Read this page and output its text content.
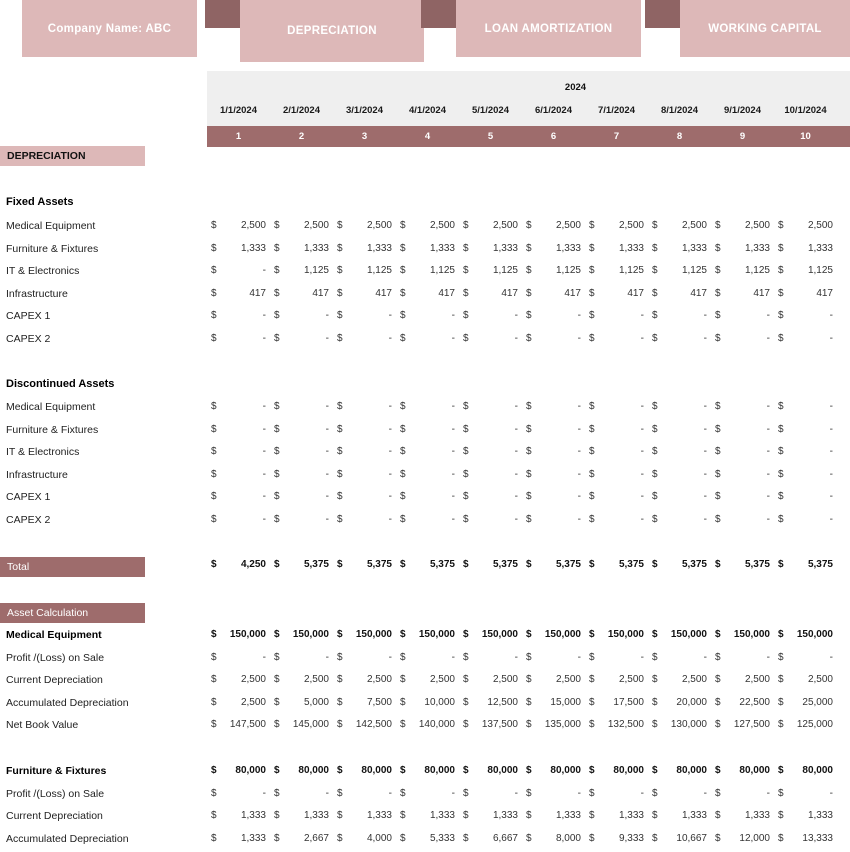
Company Name: ABC	DEPRECIATION	LOAN AMORTIZATION	WORKING CAPITAL
2024
1/1/2024	2/1/2024	3/1/2024	4/1/2024	5/1/2024	6/1/2024	7/1/2024	8/1/2024	9/1/2024	10/1/2024
1	2	3	4	5	6	7	8	9	10
DEPRECIATION
Fixed Assets
Medical Equipment	$ 2,500 $ 2,500 $ 2,500 $ 2,500 $ 2,500 $ 2,500 $ 2,500 $ 2,500 $ 2,500 $ 2,500
Furniture & Fixtures	$ 1,333 $ 1,333 $ 1,333 $ 1,333 $ 1,333 $ 1,333 $ 1,333 $ 1,333 $ 1,333 $ 1,333
IT & Electronics	$	- $ 1,125 $ 1,125 $ 1,125 $ 1,125 $ 1,125 $ 1,125 $ 1,125 $ 1,125 $ 1,125
Infrastructure	$	417 $	417 $	417 $	417 $	417 $	417 $	417 $	417 $	417 $	417
CAPEX 1	$	- $	- $	- $	- $	- $	- $	- $	- $	- $	-
CAPEX 2	$	- $	- $	- $	- $	- $	- $	- $	- $	- $	-
Discontinued Assets
Medical Equipment	$	- $	- $	- $	- $	- $	- $	- $	- $	- $	-
Furniture & Fixtures	$	- $	- $	- $	- $	- $	- $	- $	- $	- $	-
IT & Electronics	$	- $	- $	- $	- $	- $	- $	- $	- $	- $	-
Infrastructure	$	- $	- $	- $	- $	- $	- $	- $	- $	- $	-
CAPEX 1	$	- $	- $	- $	- $	- $	- $	- $	- $	- $	-
CAPEX 2	$	- $	- $	- $	- $	- $	- $	- $	- $	- $	-
Total	$ 4,250 $ 5,375 $ 5,375 $ 5,375 $ 5,375 $ 5,375 $ 5,375 $ 5,375 $ 5,375 $ 5,375
Asset Calculation
Medical Equipment	$ 150,000 $ 150,000 $ 150,000 $ 150,000 $ 150,000 $ 150,000 $ 150,000 $ 150,000 $ 150,000 $ 150,000
Profit /(Loss) on Sale	$	- $	- $	- $	- $	- $	- $	- $	- $	- $	-
Current Depreciation	$ 2,500 $ 2,500 $ 2,500 $ 2,500 $ 2,500 $ 2,500 $ 2,500 $ 2,500 $ 2,500 $ 2,500
Accumulated Depreciation	$ 2,500 $ 5,000 $ 7,500 $ 10,000 $ 12,500 $ 15,000 $ 17,500 $ 20,000 $ 22,500 $ 25,000
Net Book Value	$ 147,500 $ 145,000 $ 142,500 $ 140,000 $ 137,500 $ 135,000 $ 132,500 $ 130,000 $ 127,500 $ 125,000
Furniture & Fixtures	$ 80,000 $ 80,000 $ 80,000 $ 80,000 $ 80,000 $ 80,000 $ 80,000 $ 80,000 $ 80,000 $ 80,000
Profit /(Loss) on Sale	$	- $	- $	- $	- $	- $	- $	- $	- $	- $	-
Current Depreciation	$ 1,333 $ 1,333 $ 1,333 $ 1,333 $ 1,333 $ 1,333 $ 1,333 $ 1,333 $ 1,333 $ 1,333
Accumulated Depreciation	$ 1,333 $ 2,667 $ 4,000 $ 5,333 $ 6,667 $ 8,000 $ 9,333 $ 10,667 $ 12,000 $ 13,333
